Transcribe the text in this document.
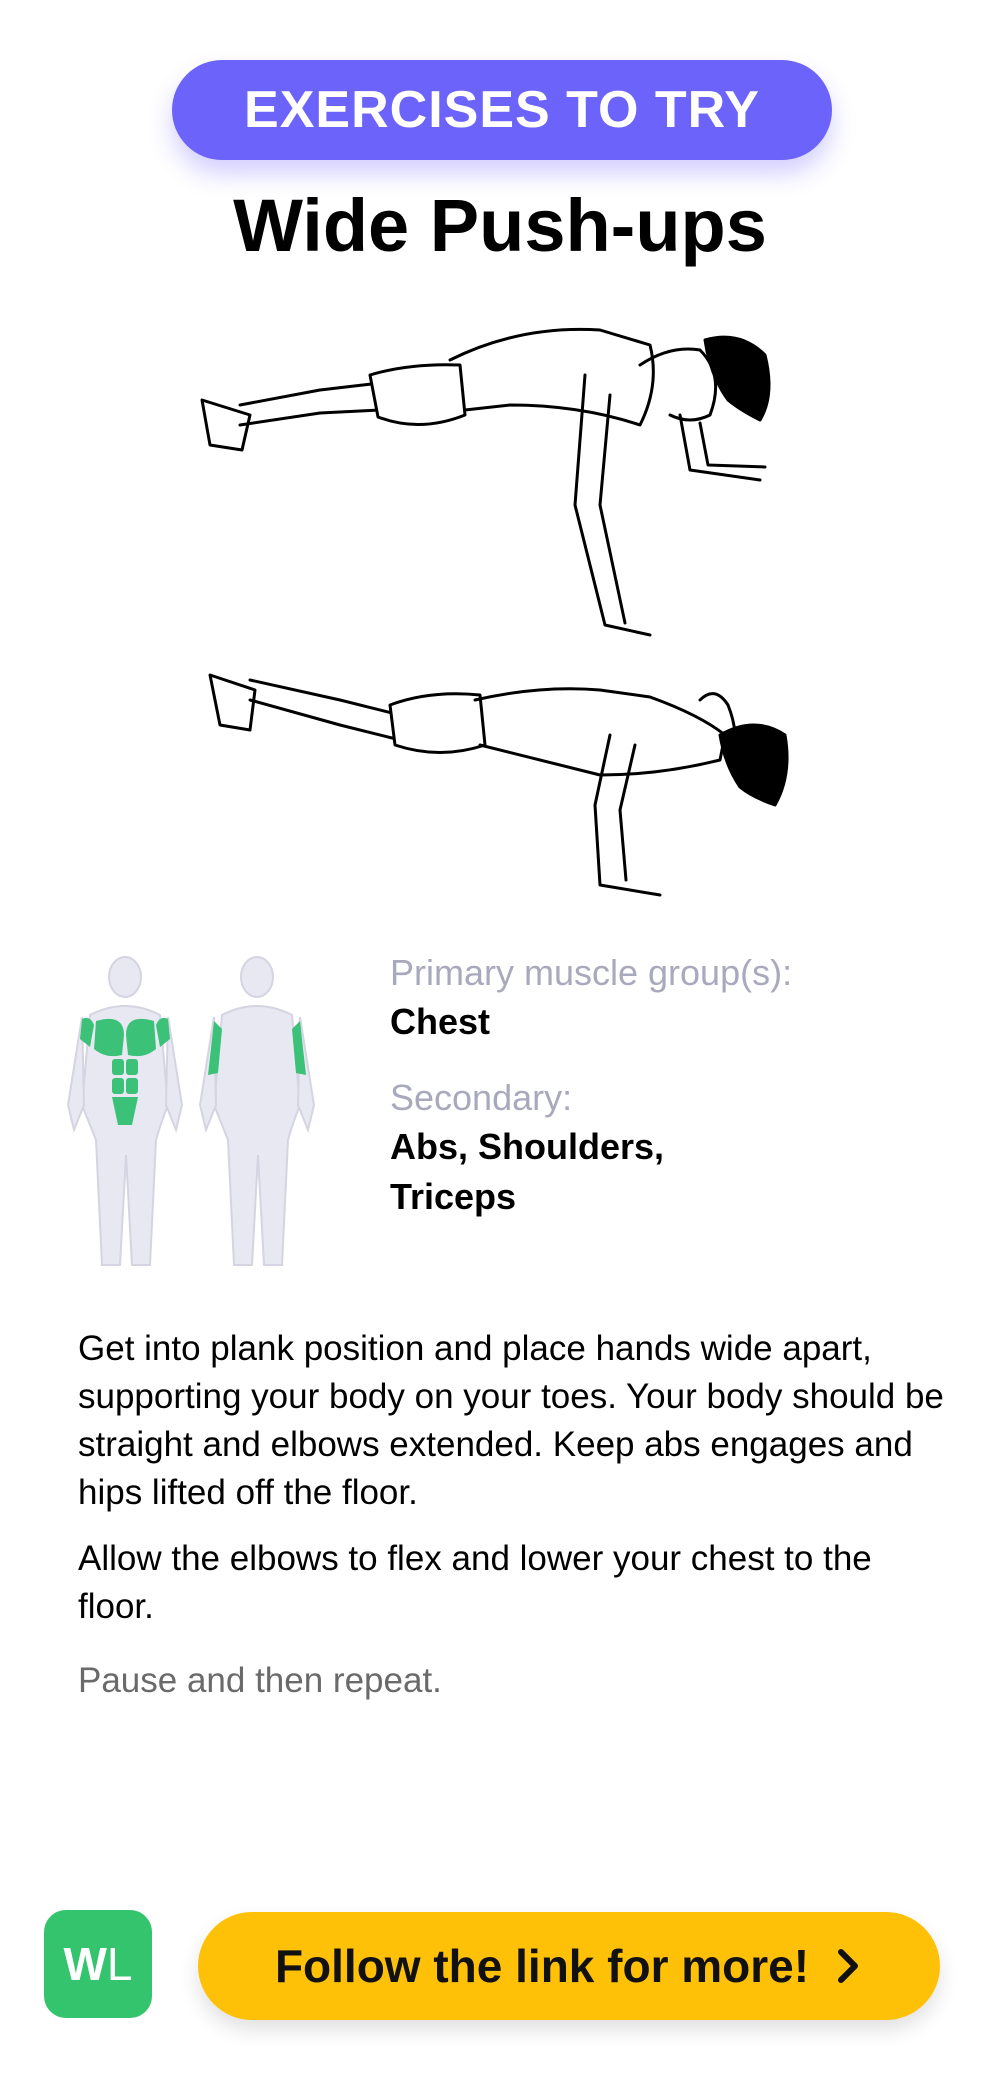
EXERCISES TO TRY
Wide Push-ups
Primary muscle group(s):
Chest
Secondary:
Abs, Shoulders,
Triceps

Get into plank position and place hands wide apart, supporting your body on your toes. Your body should be straight and elbows extended. Keep abs engages and hips lifted off the floor.

Allow the elbows to flex and lower your chest to the floor.

Pause and then repeat.

W L	Follow the link for more!
